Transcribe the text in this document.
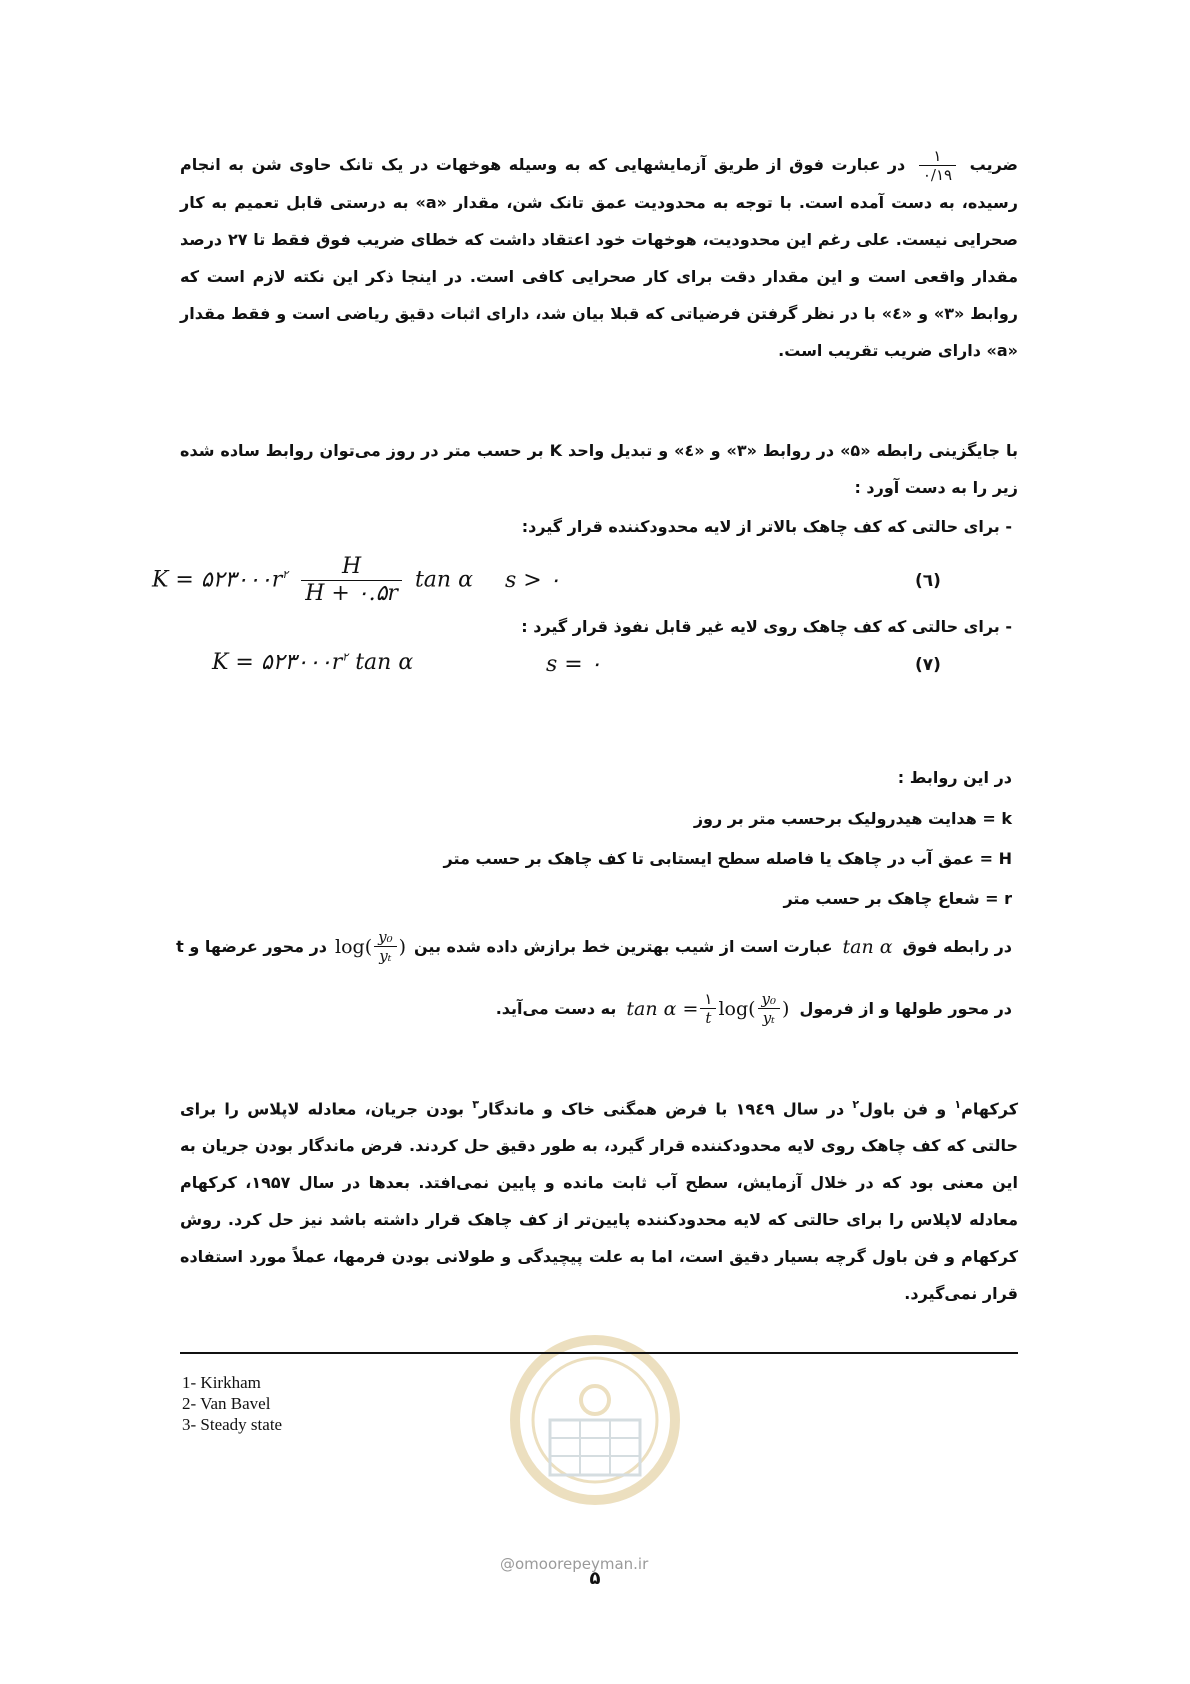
ضریب
$\frac{۱}{۰/۱۹}$
در عبارت فوق از طریق آزمایشهایی که به وسیله هوخهات در یک تانک حاوی شن به انجام رسیده، به دست آمده است. با توجه به محدودیت عمق تانک شن، مقدار «a» به درستی قابل تعمیم به کار صحرایی نیست. علی رغم این محدودیت، هوخهات خود اعتقاد داشت که خطای ضریب فوق فقط تا ۲۷ درصد مقدار واقعی است و این مقدار دقت برای کار صحرایی کافی است. در اینجا ذکر این نکته لازم است که روابط «۳» و «٤» با در نظر گرفتن فرضیاتی که قبلا بیان شد، دارای اثبات دقیق ریاضی است و فقط مقدار «a» دارای ضریب تقریب است.
با جایگزینی رابطه «۵» در روابط «۳» و «٤» و تبدیل واحد K بر حسب متر در روز می‌توان روابط ساده شده زیر را به دست آورد :
- برای حالتی که کف چاهک بالاتر از لایه محدودکننده قرار گیرد:
$K = ۵۲۳۰۰۰r^۲ \frac{H}{H + ۰.۵r}$ tan α s > ۰	(٦)
- برای حالتی که کف چاهک روی لایه غیر قابل نفوذ قرار گیرد :
$K = ۵۲۳۰۰۰r^۲$ tan α	s = ۰	(۷)
در این روابط :
k = هدایت هیدرولیک برحسب متر بر روز
H = عمق آب در چاهک یا فاصله سطح ایستابی تا کف چاهک بر حسب متر
r = شعاع چاهک بر حسب متر
در رابطه فوق
tan α
عبارت است از شیب بهترین خط برازش داده شده بین
$\log( \frac{\text{y₀}}{\text{yₜ}}$ )
در محور عرضها و t
در محور طولها و از فرمول
$\tan \alpha = \frac{۱}{t} \log( \frac{\text{y₀}}{\text{yₜ}}$ )
به دست می‌آید.
کرکهام$^۱$ و فن باول$^۲$ در سال ۱۹٤۹ با فرض همگنی خاک و ماندگار$^۳$ بودن جریان، معادله لاپلاس را برای حالتی که کف چاهک روی لایه محدودکننده قرار گیرد، به طور دقیق حل کردند. فرض ماندگار بودن جریان به این معنی بود که در خلال آزمایش، سطح آب ثابت مانده و پایین نمی‌افتد. بعدها در سال ۱۹۵۷، کرکهام معادله لاپلاس را برای حالتی که لایه محدودکننده پایین‌تر از کف چاهک قرار داشته باشد نیز حل کرد. روش کرکهام و فن باول گرچه بسیار دقیق است، اما به علت پیچیدگی و طولانی بودن فرمها، عملاً مورد استفاده قرار نمی‌گیرد.
@omoorepeyman.ir
1- Kirkham
2- Van Bavel
3- Steady state
۵
